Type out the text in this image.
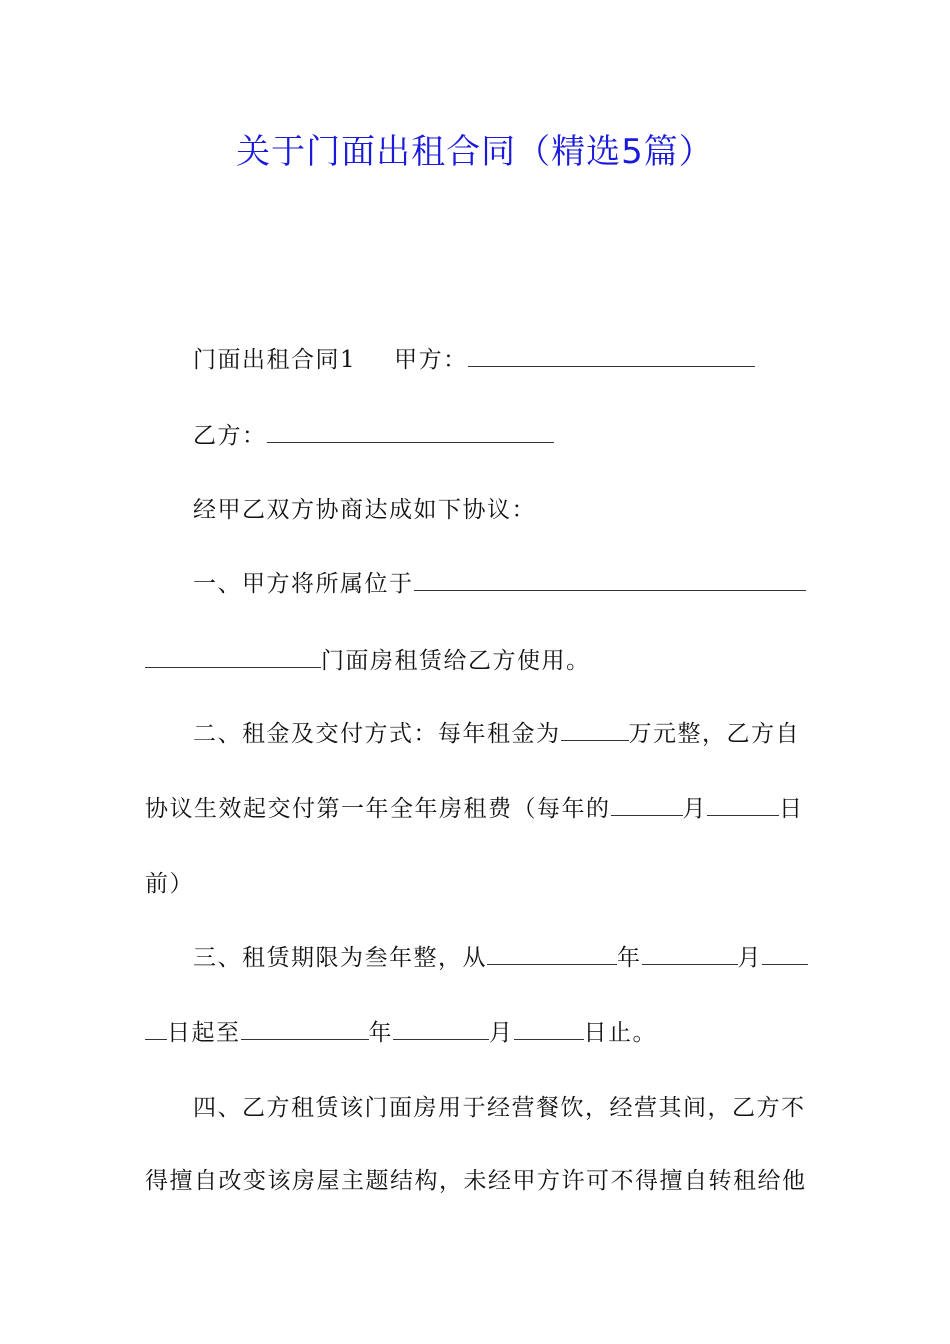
关于门面出租合同（精选5篇）
门面出租合同1 甲方：
乙方：
经甲乙双方协商达成如下协议：
一、甲方将所属位于
门面房租赁给乙方使用。
二、租金及交付方式：每年租金为	万元整，乙方自
协议生效起交付第一年全年房租费（每年的	月	日
前）
三、租赁期限为叁年整，从	年	月
日起至	年	月	日止。
四、乙方租赁该门面房用于经营餐饮，经营其间，乙方不
得擅自改变该房屋主题结构，未经甲方许可不得擅自转租给他
